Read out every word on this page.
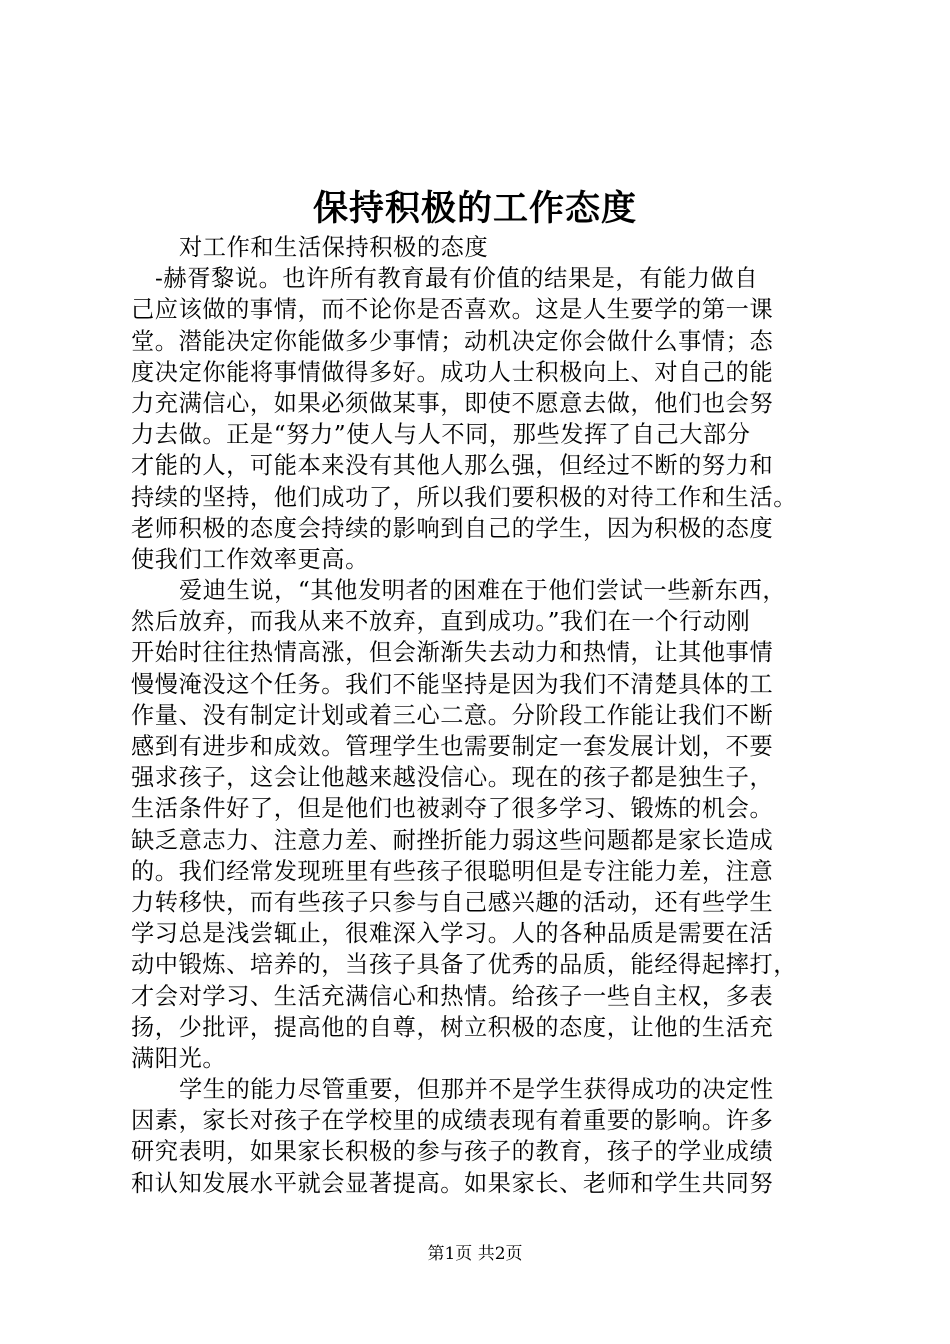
保持积极的工作态度
对工作和生活保持积极的态度
-赫胥黎说。也许所有教育最有价值的结果是，有能力做自
己应该做的事情，而不论你是否喜欢。这是人生要学的第一课
堂。潜能决定你能做多少事情；动机决定你会做什么事情；态
度决定你能将事情做得多好。成功人士积极向上、对自己的能
力充满信心，如果必须做某事，即使不愿意去做，他们也会努
力去做。正是“努力”使人与人不同，那些发挥了自己大部分
才能的人，可能本来没有其他人那么强，但经过不断的努力和
持续的坚持，他们成功了，所以我们要积极的对待工作和生活。
老师积极的态度会持续的影响到自己的学生，因为积极的态度
使我们工作效率更高。
爱迪生说，“其他发明者的困难在于他们尝试一些新东西，
然后放弃，而我从来不放弃，直到成功。”我们在一个行动刚
开始时往往热情高涨，但会渐渐失去动力和热情，让其他事情
慢慢淹没这个任务。我们不能坚持是因为我们不清楚具体的工
作量、没有制定计划或着三心二意。分阶段工作能让我们不断
感到有进步和成效。管理学生也需要制定一套发展计划，不要
强求孩子，这会让他越来越没信心。现在的孩子都是独生子，
生活条件好了，但是他们也被剥夺了很多学习、锻炼的机会。
缺乏意志力、注意力差、耐挫折能力弱这些问题都是家长造成
的。我们经常发现班里有些孩子很聪明但是专注能力差，注意
力转移快，而有些孩子只参与自己感兴趣的活动，还有些学生
学习总是浅尝辄止，很难深入学习。人的各种品质是需要在活
动中锻炼、培养的，当孩子具备了优秀的品质，能经得起摔打，
才会对学习、生活充满信心和热情。给孩子一些自主权，多表
扬，少批评，提高他的自尊，树立积极的态度，让他的生活充
满阳光。
学生的能力尽管重要，但那并不是学生获得成功的决定性
因素，家长对孩子在学校里的成绩表现有着重要的影响。许多
研究表明，如果家长积极的参与孩子的教育，孩子的学业成绩
和认知发展水平就会显著提高。如果家长、老师和学生共同努
第1页 共2页
